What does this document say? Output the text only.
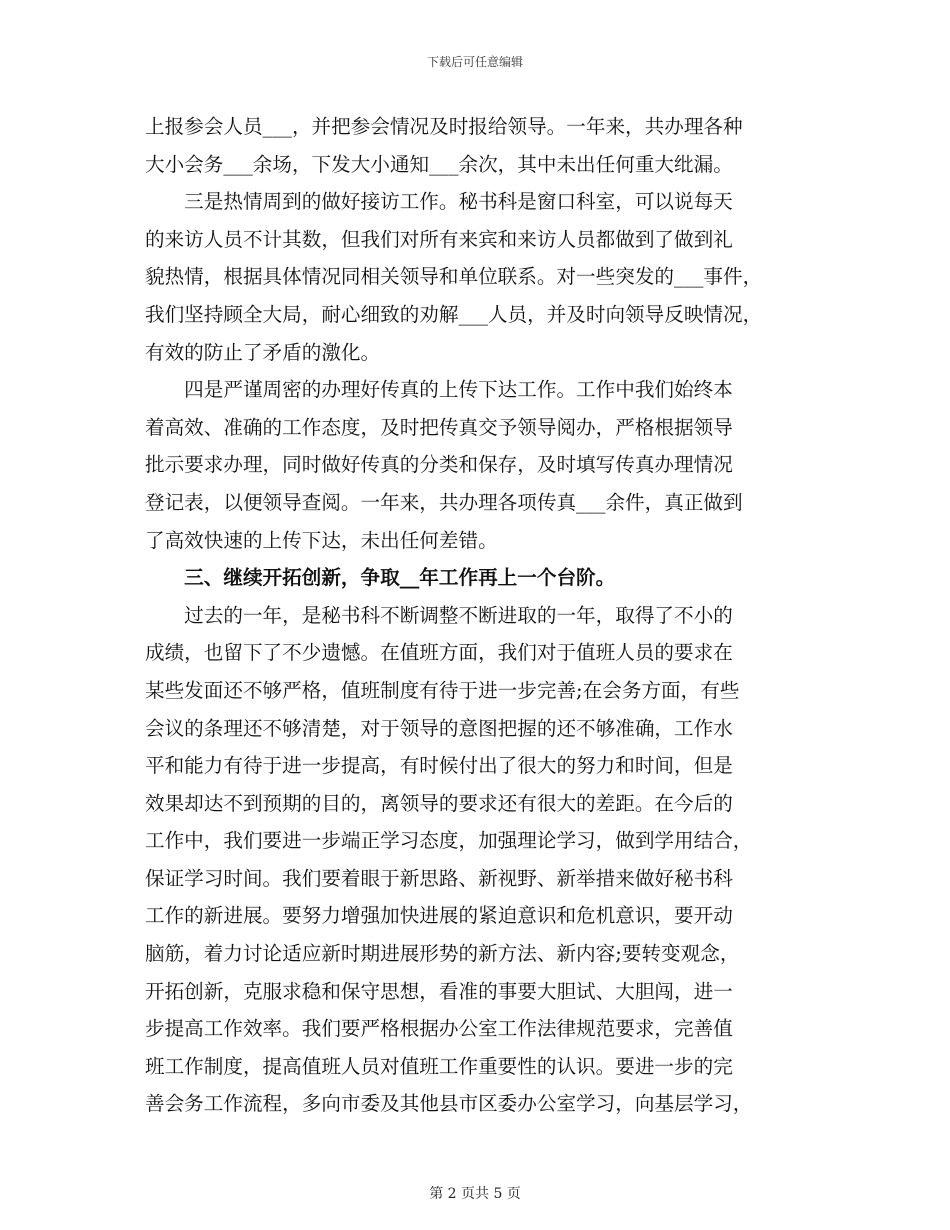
下载后可任意编辑
上报参会人员___，并把参会情况及时报给领导。一年来，共办理各种
大小会务___余场，下发大小通知___余次，其中未出任何重大纰漏。
　　三是热情周到的做好接访工作。秘书科是窗口科室，可以说每天
的来访人员不计其数，但我们对所有来宾和来访人员都做到了做到礼
貌热情，根据具体情况同相关领导和单位联系。对一些突发的___事件，
我们坚持顾全大局，耐心细致的劝解___人员，并及时向领导反映情况，
有效的防止了矛盾的激化。
　　四是严谨周密的办理好传真的上传下达工作。工作中我们始终本
着高效、准确的工作态度，及时把传真交予领导阅办，严格根据领导
批示要求办理，同时做好传真的分类和保存，及时填写传真办理情况
登记表，以便领导查阅。一年来，共办理各项传真___余件，真正做到
了高效快速的上传下达，未出任何差错。
　　三、继续开拓创新，争取__年工作再上一个台阶。
　　过去的一年，是秘书科不断调整不断进取的一年，取得了不小的
成绩，也留下了不少遗憾。在值班方面，我们对于值班人员的要求在
某些发面还不够严格，值班制度有待于进一步完善;在会务方面，有些
会议的条理还不够清楚，对于领导的意图把握的还不够准确，工作水
平和能力有待于进一步提高，有时候付出了很大的努力和时间，但是
效果却达不到预期的目的，离领导的要求还有很大的差距。在今后的
工作中，我们要进一步端正学习态度，加强理论学习，做到学用结合，
保证学习时间。我们要着眼于新思路、新视野、新举措来做好秘书科
工作的新进展。要努力增强加快进展的紧迫意识和危机意识，要开动
脑筋，着力讨论适应新时期进展形势的新方法、新内容;要转变观念，
开拓创新，克服求稳和保守思想，看准的事要大胆试、大胆闯，进一
步提高工作效率。我们要严格根据办公室工作法律规范要求，完善值
班工作制度，提高值班人员对值班工作重要性的认识。要进一步的完
善会务工作流程，多向市委及其他县市区委办公室学习，向基层学习，
第 2 页共 5 页
